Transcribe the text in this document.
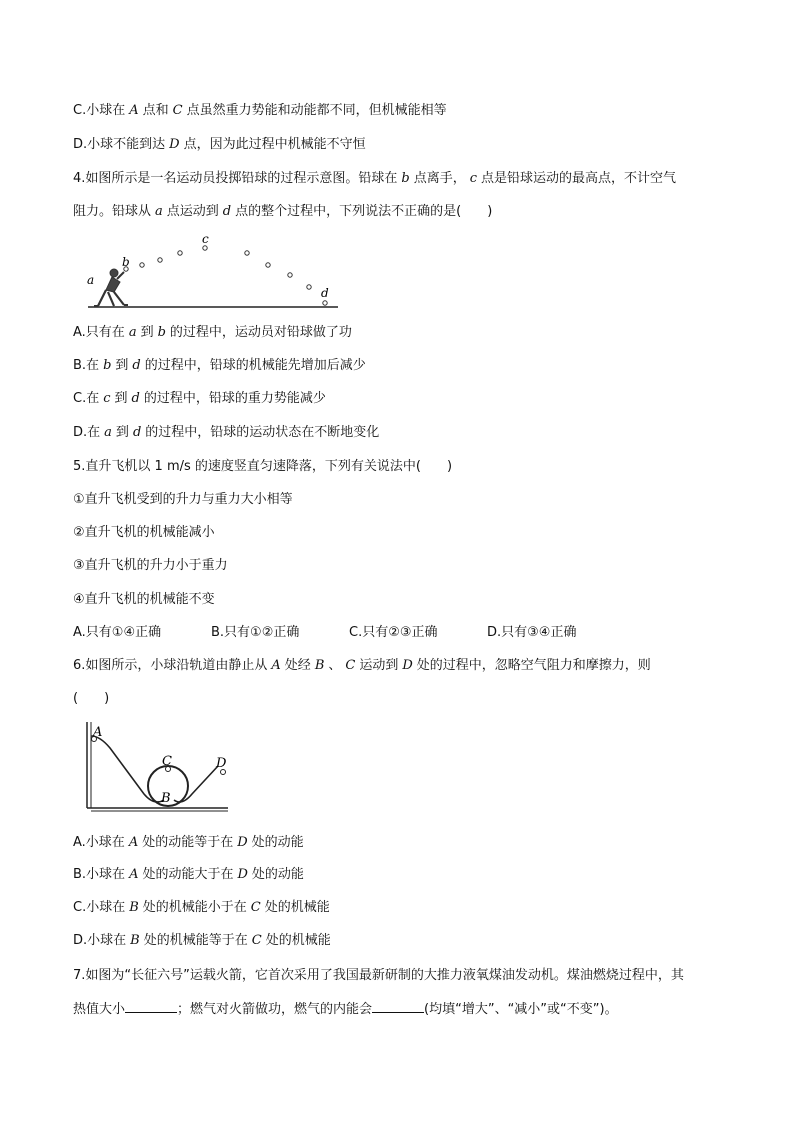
C.小球在 A 点和 C 点虽然重力势能和动能都不同，但机械能相等
D.小球不能到达 D 点，因为此过程中机械能不守恒
4.如图所示是一名运动员投掷铅球的过程示意图。铅球在 b 点离手， c 点是铅球运动的最高点，不计空气
阻力。铅球从 a 点运动到 d 点的整个过程中，下列说法不正确的是(　　)
a
b
c
d
A.只有在 a 到 b 的过程中，运动员对铅球做了功
B.在 b 到 d 的过程中，铅球的机械能先增加后减少
C.在 c 到 d 的过程中，铅球的重力势能减少
D.在 a 到 d 的过程中，铅球的运动状态在不断地变化
5.直升飞机以 1 m/s 的速度竖直匀速降落，下列有关说法中(　　)
①直升飞机受到的升力与重力大小相等
②直升飞机的机械能减小
③直升飞机的升力小于重力
④直升飞机的机械能不变
A.只有①④正确	B.只有①②正确	C.只有②③正确	D.只有③④正确
6.如图所示，小球沿轨道由静止从 A 处经 B 、 C 运动到 D 处的过程中，忽略空气阻力和摩擦力，则
(　　)
A
B
C	D
A.小球在 A 处的动能等于在 D 处的动能
B.小球在 A 处的动能大于在 D 处的动能
C.小球在 B 处的机械能小于在 C 处的机械能
D.小球在 B 处的机械能等于在 C 处的机械能
7.如图为“长征六号”运载火箭，它首次采用了我国最新研制的大推力液氧煤油发动机。煤油燃烧过程中，其
热值大小	；燃气对火箭做功，燃气的内能会	(均填“增大”、“减小”或“不变”)。
